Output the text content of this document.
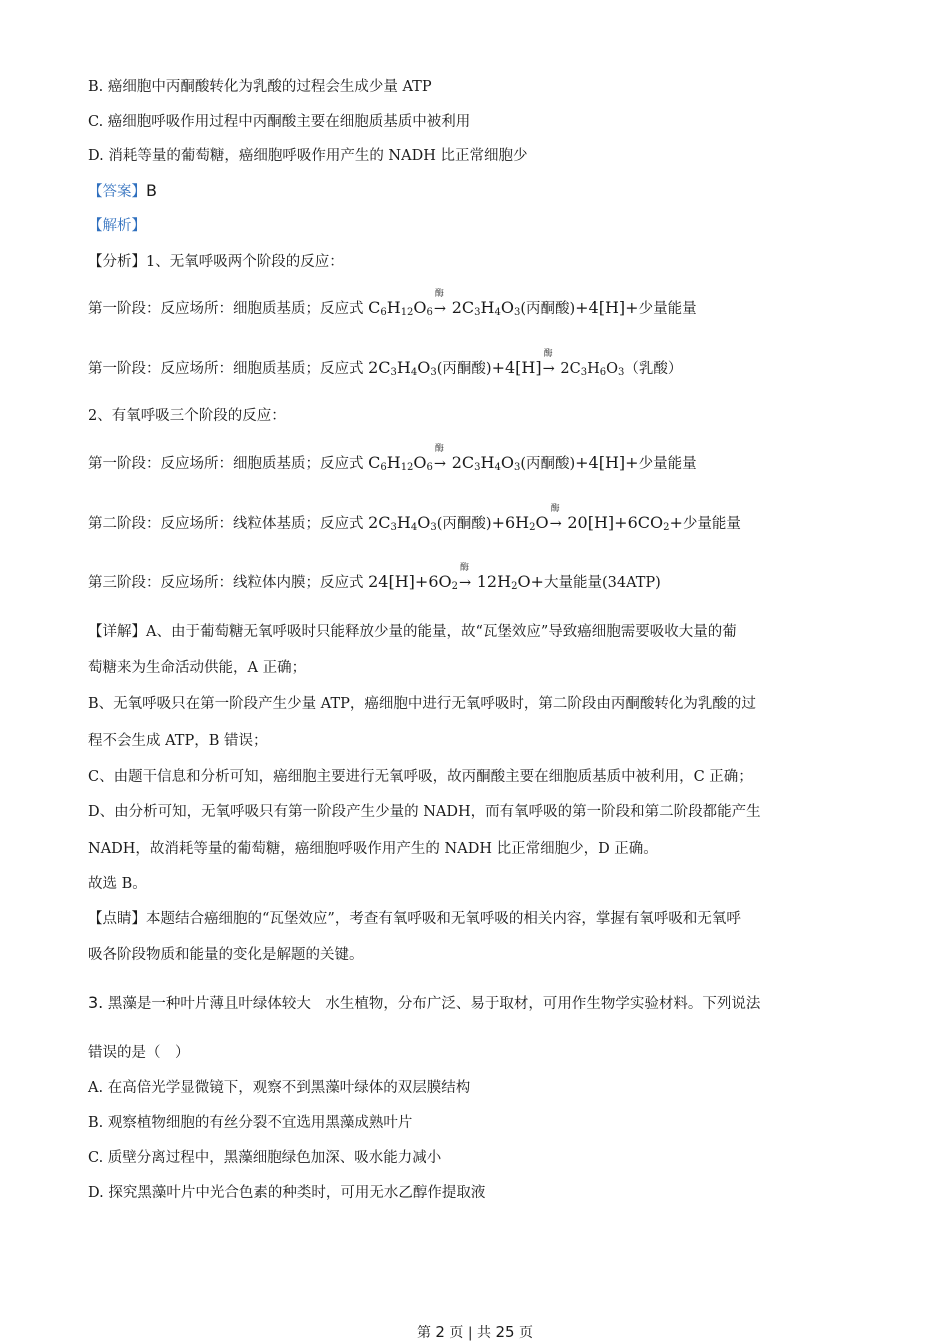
B. 癌细胞中丙酮酸转化为乳酸的过程会生成少量 ATP
C. 癌细胞呼吸作用过程中丙酮酸主要在细胞质基质中被利用
D. 消耗等量的葡萄糖，癌细胞呼吸作用产生的 NADH 比正常细胞少
【答案】B
【解析】
【分析】1、无氧呼吸两个阶段的反应：
第一阶段：反应场所：细胞质基质；反应式 $C_6H_{12}O_6\to$
酶
$2C_3H_4O_3$(丙酮酸)+4[H]+少量能量
第一阶段：反应场所：细胞质基质；反应式 $2C_3H_4O_3$(丙酮酸)+4[H]→
酶
$2C_3H_6O_3$（乳酸）
2、有氧呼吸三个阶段的反应：
第一阶段：反应场所：细胞质基质；反应式 $C_6H_{12}O_6\to$
酶
$2C_3H_4O_3$(丙酮酸)+4[H]+少量能量
第二阶段：反应场所：线粒体基质；反应式 $2C_3H_4O_3$(丙酮酸)$+6H_2O\to$
酶
$20[H]+6CO_2+$少量能量
第三阶段：反应场所：线粒体内膜；反应式 $24[H]+6O_2\to$
酶
$12H_2O+$大量能量(34ATP)
【详解】A、由于葡萄糖无氧呼吸时只能释放少量的能量，故“瓦堡效应”导致癌细胞需要吸收大量的葡
萄糖来为生命活动供能，A 正确；
B、无氧呼吸只在第一阶段产生少量 ATP，癌细胞中进行无氧呼吸时，第二阶段由丙酮酸转化为乳酸的过
程不会生成 ATP，B 错误；
C、由题干信息和分析可知，癌细胞主要进行无氧呼吸，故丙酮酸主要在细胞质基质中被利用，C 正确；
D、由分析可知，无氧呼吸只有第一阶段产生少量的 NADH，而有氧呼吸的第一阶段和第二阶段都能产生
NADH，故消耗等量的葡萄糖，癌细胞呼吸作用产生的 NADH 比正常细胞少，D 正确。
故选 B。
【点睛】本题结合癌细胞的“瓦堡效应”，考查有氧呼吸和无氧呼吸的相关内容，掌握有氧呼吸和无氧呼
吸各阶段物质和能量的变化是解题的关键。
3. 黑藻是一种叶片薄且叶绿体较大　水生植物，分布广泛、易于取材，可用作生物学实验材料。下列说法
错误的是（　）
A. 在高倍光学显微镜下，观察不到黑藻叶绿体的双层膜结构
B. 观察植物细胞的有丝分裂不宜选用黑藻成熟叶片
C. 质壁分离过程中，黑藻细胞绿色加深、吸水能力减小
D. 探究黑藻叶片中光合色素的种类时，可用无水乙醇作提取液
第 2 页 | 共 25 页
